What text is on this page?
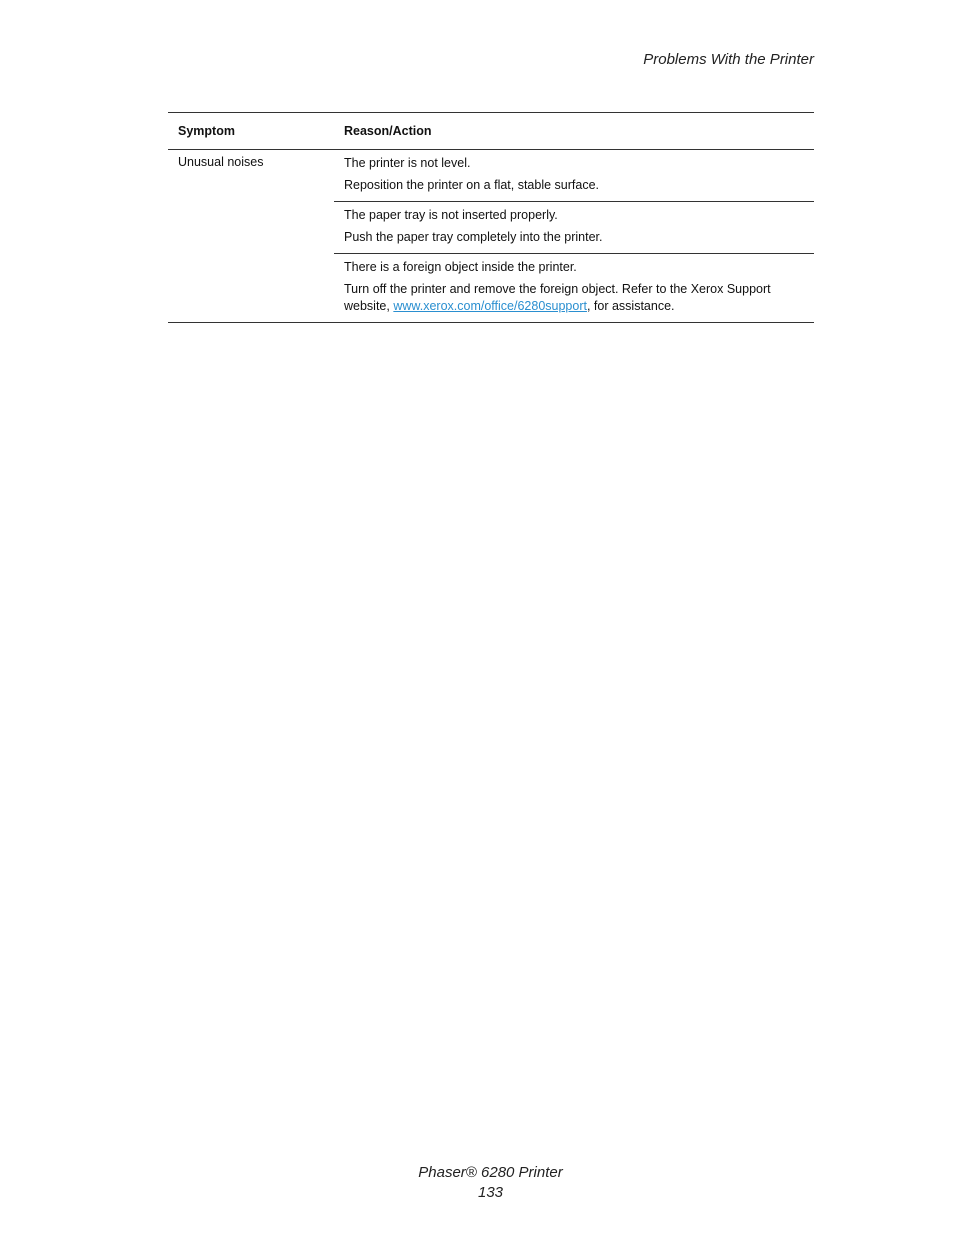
Problems With the Printer
Symptom	Reason/Action
Unusual noises	The printer is not level.

Reposition the printer on a flat, stable surface.

The paper tray is not inserted properly.

Push the paper tray completely into the printer.

There is a foreign object inside the printer.

Turn off the printer and remove the foreign object. Refer to the Xerox Support website, www.xerox.com/office/6280support, for assistance.

Phaser® 6280 Printer
133
